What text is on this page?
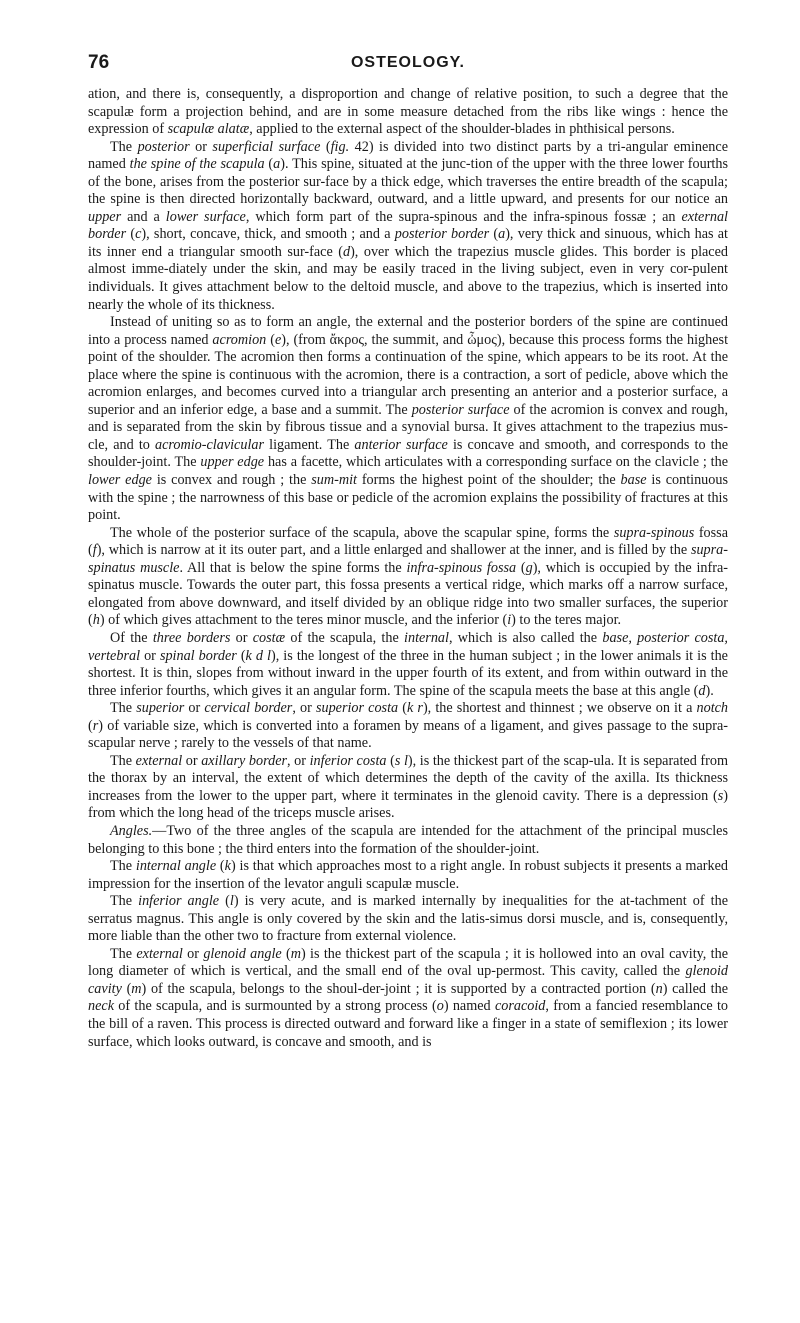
76	OSTEOLOGY.

ation, and there is, consequently, a disproportion and change of relative position, to such a degree that the scapulæ form a projection behind, and are in some measure detached from the ribs like wings : hence the expression of scapulæ alatæ, applied to the external aspect of the shoulder-blades in phthisical persons.

The posterior or superficial surface (fig. 42) is divided into two distinct parts by a tri-angular eminence named the spine of the scapula (a). This spine, situated at the junc-tion of the upper with the three lower fourths of the bone, arises from the posterior sur-face by a thick edge, which traverses the entire breadth of the scapula; the spine is then directed horizontally backward, outward, and a little upward, and presents for our notice an upper and a lower surface, which form part of the supra-spinous and the infra-spinous fossæ ; an external border (c), short, concave, thick, and smooth ; and a posterior border (a), very thick and sinuous, which has at its inner end a triangular smooth sur-face (d), over which the trapezius muscle glides. This border is placed almost imme-diately under the skin, and may be easily traced in the living subject, even in very cor-pulent individuals. It gives attachment below to the deltoid muscle, and above to the trapezius, which is inserted into nearly the whole of its thickness.

Instead of uniting so as to form an angle, the external and the posterior borders of the spine are continued into a process named acromion (e), (from ἄκρος, the summit, and ὦμος), because this process forms the highest point of the shoulder. The acromion then forms a continuation of the spine, which appears to be its root. At the place where the spine is continuous with the acromion, there is a contraction, a sort of pedicle, above which the acromion enlarges, and becomes curved into a triangular arch presenting an anterior and a posterior surface, a superior and an inferior edge, a base and a summit. The posterior surface of the acromion is convex and rough, and is separated from the skin by fibrous tissue and a synovial bursa. It gives attachment to the trapezius mus-cle, and to acromio-clavicular ligament. The anterior surface is concave and smooth, and corresponds to the shoulder-joint. The upper edge has a facette, which articulates with a corresponding surface on the clavicle ; the lower edge is convex and rough ; the sum-mit forms the highest point of the shoulder; the base is continuous with the spine ; the narrowness of this base or pedicle of the acromion explains the possibility of fractures at this point.

The whole of the posterior surface of the scapula, above the scapular spine, forms the supra-spinous fossa (f), which is narrow at it its outer part, and a little enlarged and shallower at the inner, and is filled by the supra-spinatus muscle. All that is below the spine forms the infra-spinous fossa (g), which is occupied by the infra-spinatus muscle. Towards the outer part, this fossa presents a vertical ridge, which marks off a narrow surface, elongated from above downward, and itself divided by an oblique ridge into two smaller surfaces, the superior (h) of which gives attachment to the teres minor muscle, and the inferior (i) to the teres major.

Of the three borders or costæ of the scapula, the internal, which is also called the base, posterior costa, vertebral or spinal border (k d l), is the longest of the three in the human subject ; in the lower animals it is the shortest. It is thin, slopes from without inward in the upper fourth of its extent, and from within outward in the three inferior fourths, which gives it an angular form. The spine of the scapula meets the base at this angle (d).

The superior or cervical border, or superior costa (k r), the shortest and thinnest ; we observe on it a notch (r) of variable size, which is converted into a foramen by means of a ligament, and gives passage to the supra-scapular nerve ; rarely to the vessels of that name.

The external or axillary border, or inferior costa (s l), is the thickest part of the scap-ula. It is separated from the thorax by an interval, the extent of which determines the depth of the cavity of the axilla. Its thickness increases from the lower to the upper part, where it terminates in the glenoid cavity. There is a depression (s) from which the long head of the triceps muscle arises.

Angles.—Two of the three angles of the scapula are intended for the attachment of the principal muscles belonging to this bone ; the third enters into the formation of the shoulder-joint.

The internal angle (k) is that which approaches most to a right angle. In robust subjects it presents a marked impression for the insertion of the levator anguli scapulæ muscle.

The inferior angle (l) is very acute, and is marked internally by inequalities for the at-tachment of the serratus magnus. This angle is only covered by the skin and the latis-simus dorsi muscle, and is, consequently, more liable than the other two to fracture from external violence.

The external or glenoid angle (m) is the thickest part of the scapula ; it is hollowed into an oval cavity, the long diameter of which is vertical, and the small end of the oval up-permost. This cavity, called the glenoid cavity (m) of the scapula, belongs to the shoul-der-joint ; it is supported by a contracted portion (n) called the neck of the scapula, and is surmounted by a strong process (o) named coracoid, from a fancied resemblance to the bill of a raven. This process is directed outward and forward like a finger in a state of semiflexion ; its lower surface, which looks outward, is concave and smooth, and is
